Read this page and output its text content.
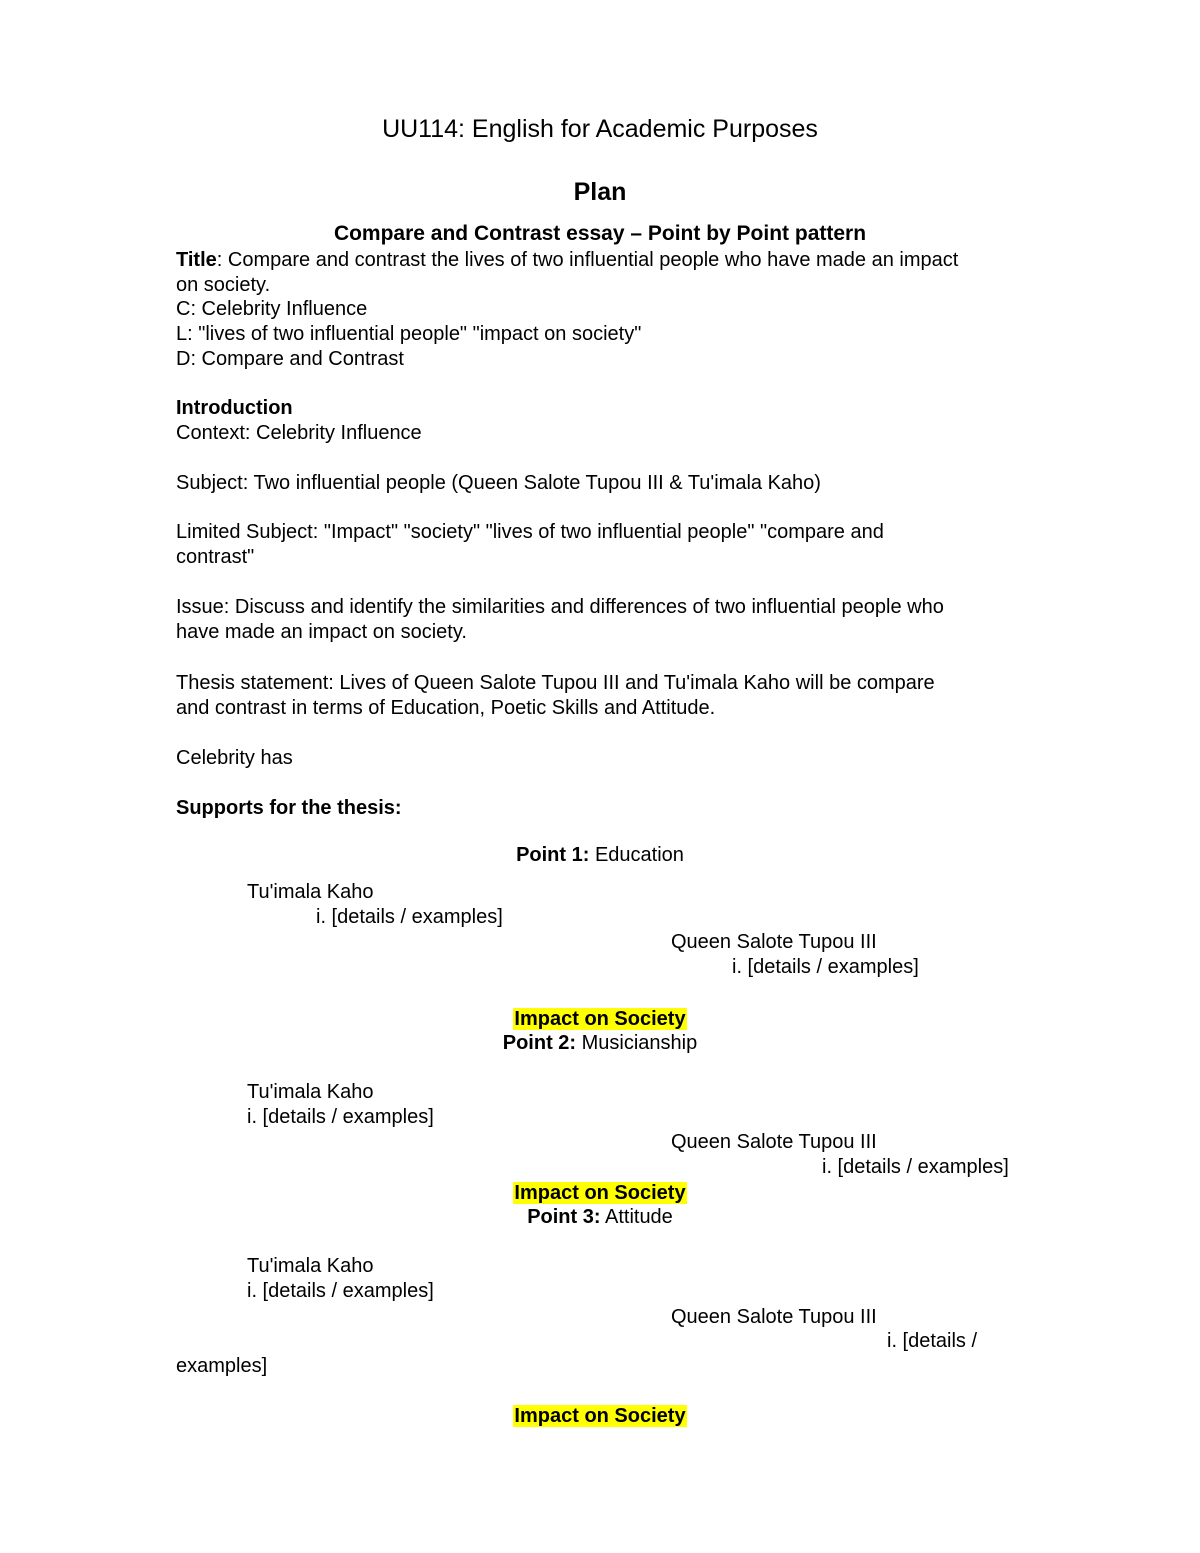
UU114: English for Academic Purposes
Plan
Compare and Contrast essay – Point by Point pattern
Title: Compare and contrast the lives of two influential people who have made an impact
on society.
C: Celebrity Influence
L: "lives of two influential people" "impact on society"
D: Compare and Contrast
Introduction
Context: Celebrity Influence
Subject: Two influential people (Queen Salote Tupou III & Tu'imala Kaho)
Limited Subject: "Impact" "society" "lives of two influential people" "compare and
contrast"
Issue: Discuss and identify the similarities and differences of two influential people who
have made an impact on society.
Thesis statement: Lives of Queen Salote Tupou III and Tu'imala Kaho will be compare
and contrast in terms of Education, Poetic Skills and Attitude.
Celebrity has
Supports for the thesis:
Point 1: Education
Tu'imala Kaho
i. [details / examples]
Queen Salote Tupou III
i. [details / examples]
Impact on Society
Point 2: Musicianship
Tu'imala Kaho
i. [details / examples]
Queen Salote Tupou III
i. [details / examples]
Impact on Society
Point 3: Attitude
Tu'imala Kaho
i. [details / examples]
Queen Salote Tupou III
i. [details /
examples]
Impact on Society
